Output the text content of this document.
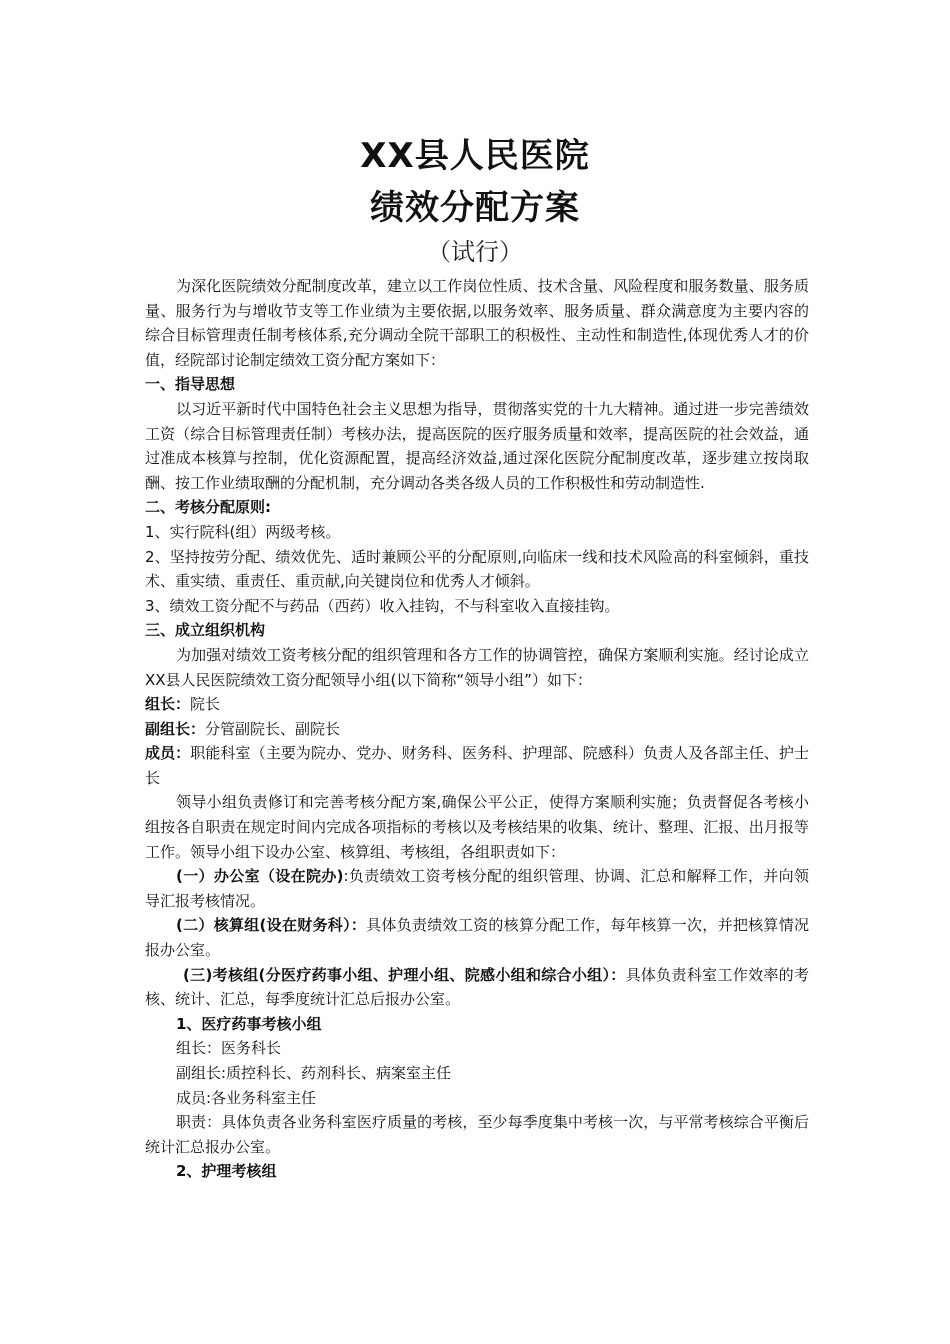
XX县人民医院
绩效分配方案
（试行）

为深化医院绩效分配制度改革，建立以工作岗位性质、技术含量、风险程度和服务数量、服务质量、服务行为与增收节支等工作业绩为主要依据,以服务效率、服务质量、群众满意度为主要内容的综合目标管理责任制考核体系,充分调动全院干部职工的积极性、主动性和制造性,体现优秀人才的价值，经院部讨论制定绩效工资分配方案如下：

一、指导思想

以习近平新时代中国特色社会主义思想为指导，贯彻落实党的十九大精神。通过进一步完善绩效工资（综合目标管理责任制）考核办法，提高医院的医疗服务质量和效率，提高医院的社会效益，通过准成本核算与控制，优化资源配置，提高经济效益,通过深化医院分配制度改革，逐步建立按岗取酬、按工作业绩取酬的分配机制，充分调动各类各级人员的工作积极性和劳动制造性.

二、考核分配原则:

1、实行院科(组）两级考核。

2、坚持按劳分配、绩效优先、适时兼顾公平的分配原则,向临床一线和技术风险高的科室倾斜，重技术、重实绩、重责任、重贡献,向关键岗位和优秀人才倾斜。

3、绩效工资分配不与药品（西药）收入挂钩，不与科室收入直接挂钩。

三、成立组织机构

为加强对绩效工资考核分配的组织管理和各方工作的协调管控，确保方案顺利实施。经讨论成立XX县人民医院绩效工资分配领导小组(以下简称“领导小组”）如下：

组长：院长

副组长：分管副院长、副院长

成员：职能科室（主要为院办、党办、财务科、医务科、护理部、院感科）负责人及各部主任、护士长

领导小组负责修订和完善考核分配方案,确保公平公正，使得方案顺利实施；负责督促各考核小组按各自职责在规定时间内完成各项指标的考核以及考核结果的收集、统计、整理、汇报、出月报等工作。领导小组下设办公室、核算组、考核组，各组职责如下：

(一）办公室（设在院办):负责绩效工资考核分配的组织管理、协调、汇总和解释工作，并向领导汇报考核情况。

(二）核算组(设在财务科）：具体负责绩效工资的核算分配工作，每年核算一次，并把核算情况报办公室。

(三)考核组(分医疗药事小组、护理小组、院感小组和综合小组）：具体负责科室工作效率的考核、统计、汇总，每季度统计汇总后报办公室。

1、医疗药事考核小组

组长：医务科长

副组长:质控科长、药剂科长、病案室主任

成员:各业务科室主任

职责：具体负责各业务科室医疗质量的考核，至少每季度集中考核一次，与平常考核综合平衡后统计汇总报办公室。

2、护理考核组
